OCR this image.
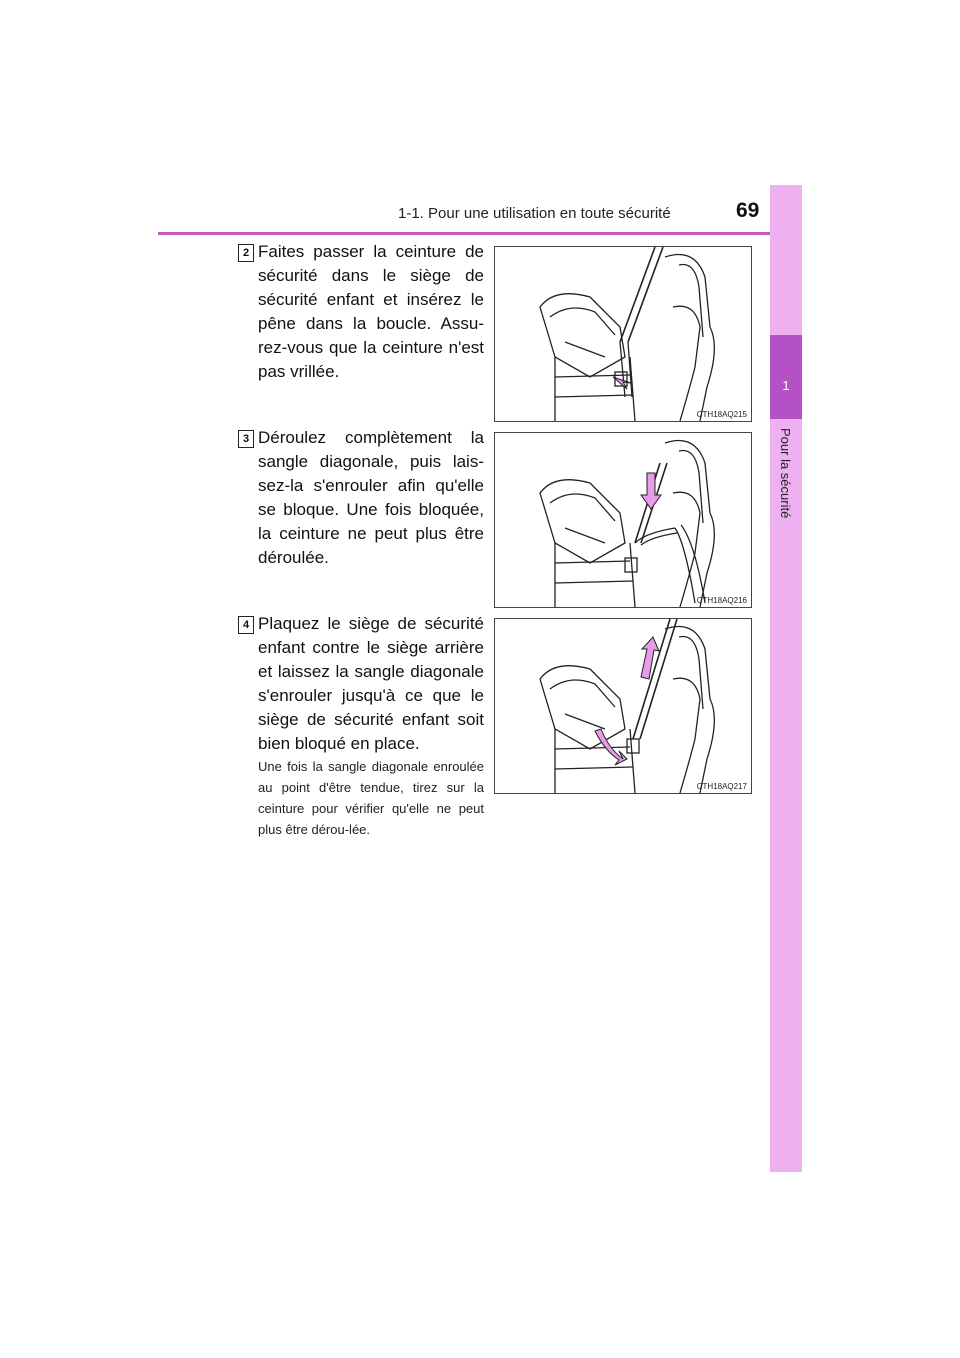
1-1. Pour une utilisation en toute sécurité	69
1
Pour la sécurité
2 Faites passer la ceinture de sécurité dans le siège de sécurité enfant et insérez le pêne dans la boucle. Assu-rez-vous que la ceinture n'est pas vrillée.
CTH18AQ215
3 Déroulez complètement la sangle diagonale, puis lais-sez-la s'enrouler afin qu'elle se bloque. Une fois bloquée, la ceinture ne peut plus être déroulée.
CTH18AQ216
4 Plaquez le siège de sécurité enfant contre le siège arrière et laissez la sangle diagonale s'enrouler jusqu'à ce que le siège de sécurité enfant soit bien bloqué en place.
Une fois la sangle diagonale enroulée au point d'être tendue, tirez sur la ceinture pour vérifier qu'elle ne peut plus être dérou-lée.
CTH18AQ217
